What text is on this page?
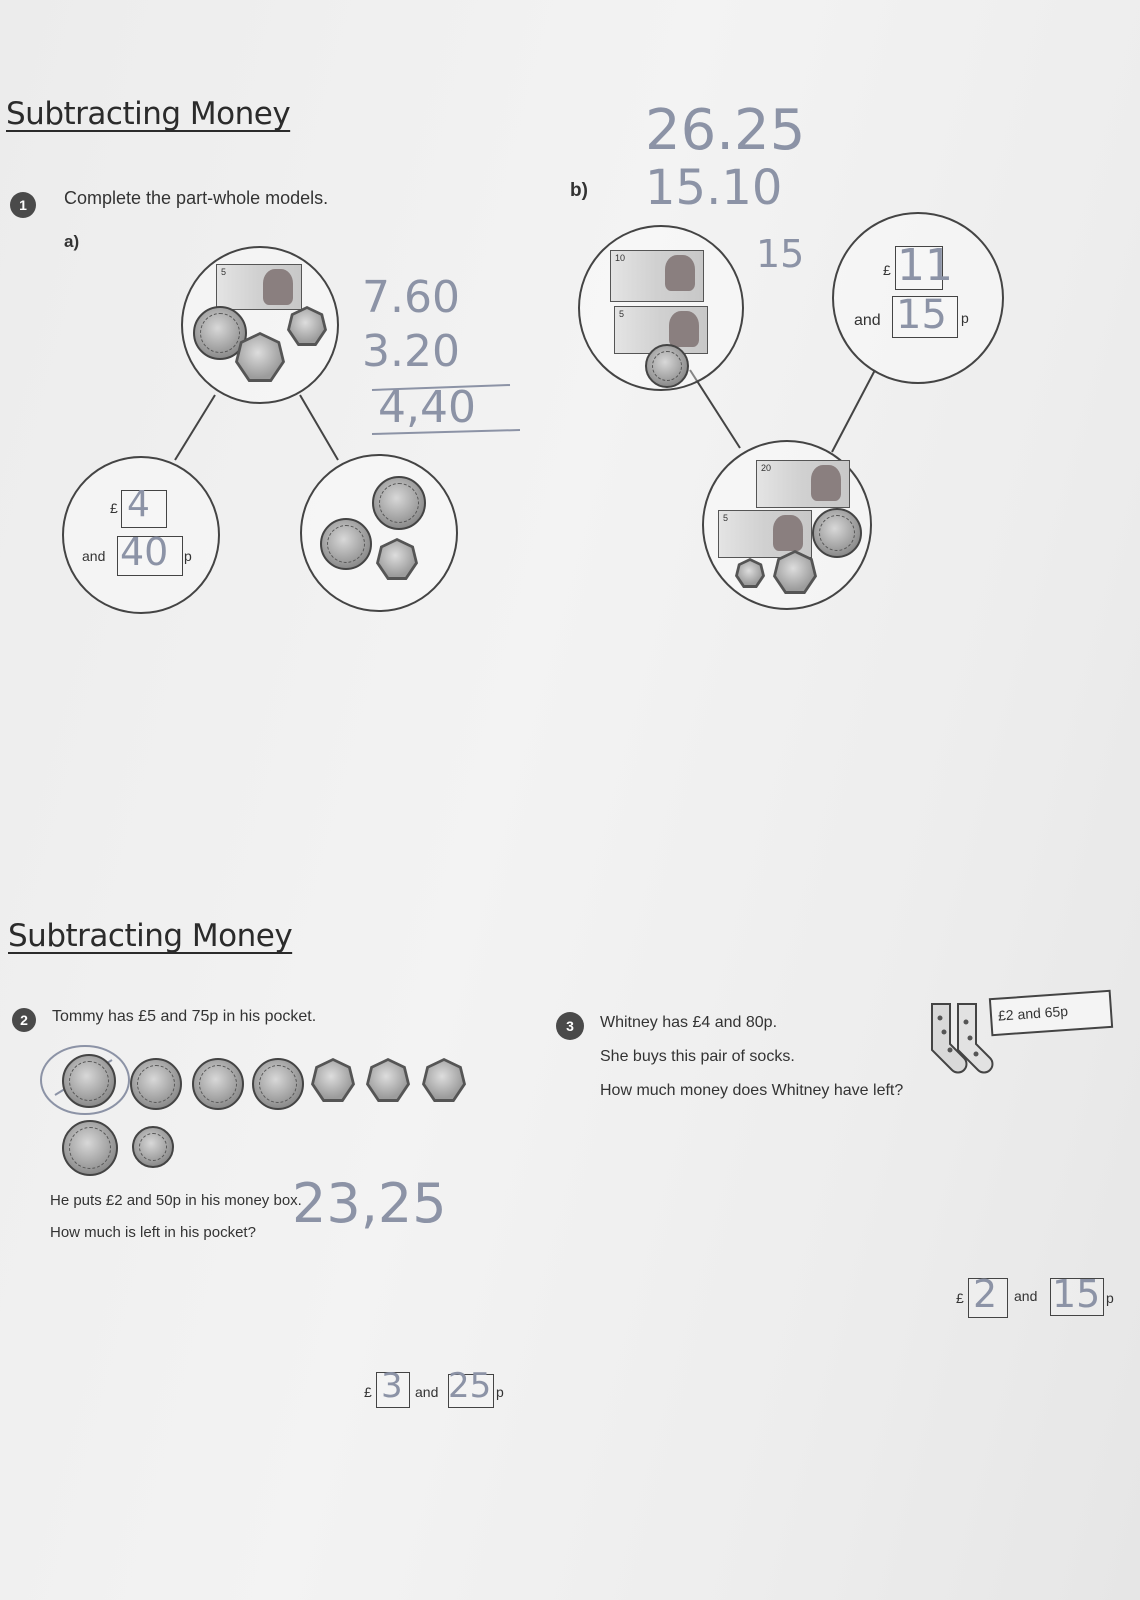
Subtracting Money
1	Complete the part-whole models.
a)
b)
5
£ 4
and 40 p
7.60
3.20
4,40
10
5
£ 11
and 15 p
20
5
26.25
15.10
15
Subtracting Money
2	Tommy has £5 and 75p in his pocket.
He puts £2 and 50p in his money box.
How much is left in his pocket? 23,25
£ 3 and 25 p
3	Whitney has £4 and 80p.
She buys this pair of socks.
How much money does Whitney have left?
£2 and 65p
£ 2 and 15 p
